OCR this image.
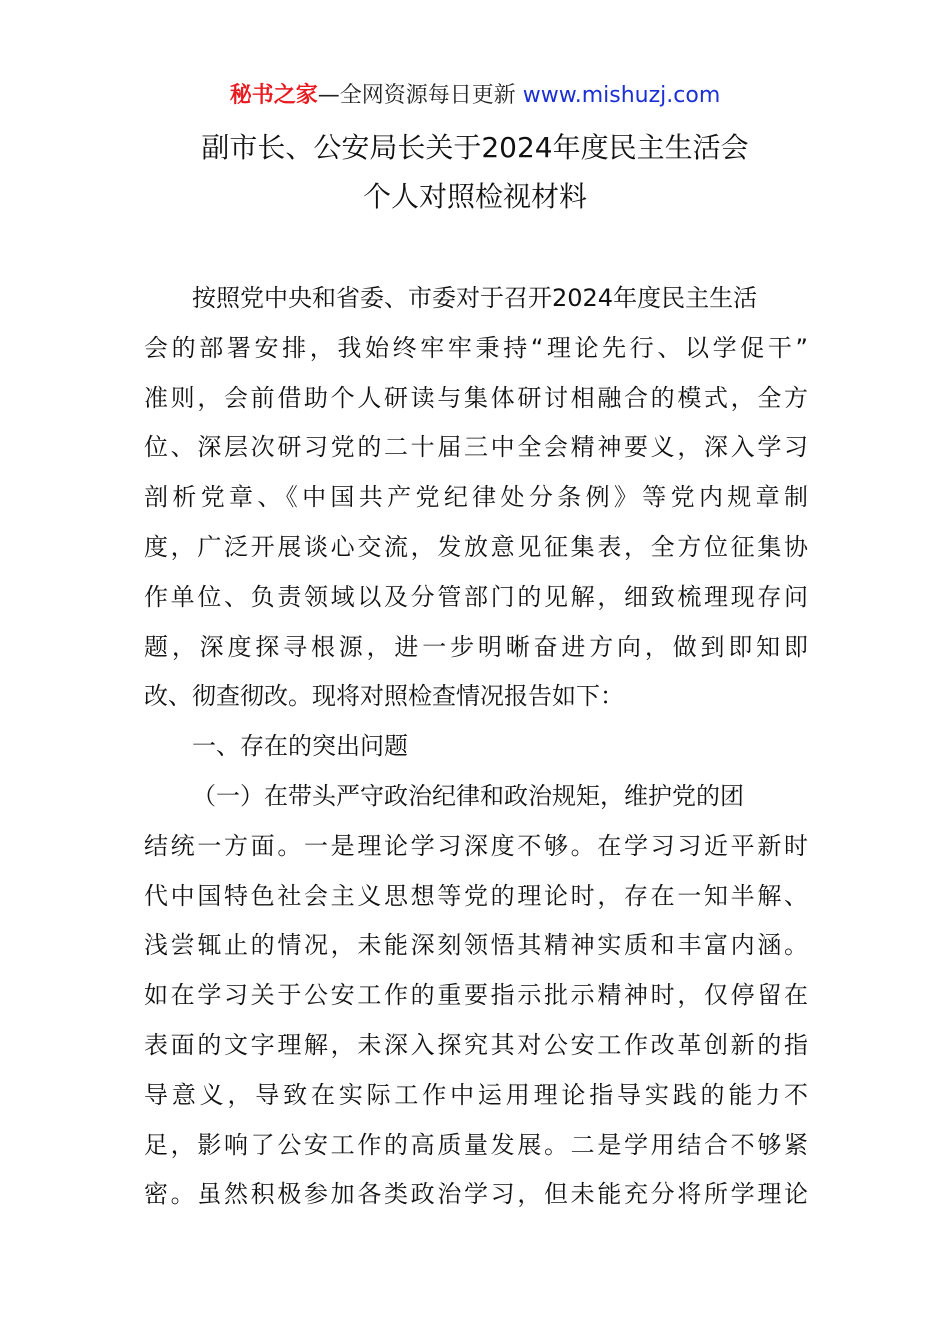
秘书之家—全网资源每日更新 www.mishuzj.com
副市长、公安局长关于2024年度民主生活会
个人对照检视材料
按照党中央和省委、市委对于召开2024年度民主生活
会的部署安排，我始终牢牢秉持“理论先行、以学促干”
准则，会前借助个人研读与集体研讨相融合的模式，全方
位、深层次研习党的二十届三中全会精神要义，深入学习
剖析党章、《中国共产党纪律处分条例》等党内规章制
度，广泛开展谈心交流，发放意见征集表，全方位征集协
作单位、负责领域以及分管部门的见解，细致梳理现存问
题，深度探寻根源，进一步明晰奋进方向，做到即知即
改、彻查彻改。现将对照检查情况报告如下：
一、存在的突出问题
（一）在带头严守政治纪律和政治规矩，维护党的团
结统一方面。一是理论学习深度不够。在学习习近平新时
代中国特色社会主义思想等党的理论时，存在一知半解、
浅尝辄止的情况，未能深刻领悟其精神实质和丰富内涵。
如在学习关于公安工作的重要指示批示精神时，仅停留在
表面的文字理解，未深入探究其对公安工作改革创新的指
导意义，导致在实际工作中运用理论指导实践的能力不
足，影响了公安工作的高质量发展。二是学用结合不够紧
密。虽然积极参加各类政治学习，但未能充分将所学理论
